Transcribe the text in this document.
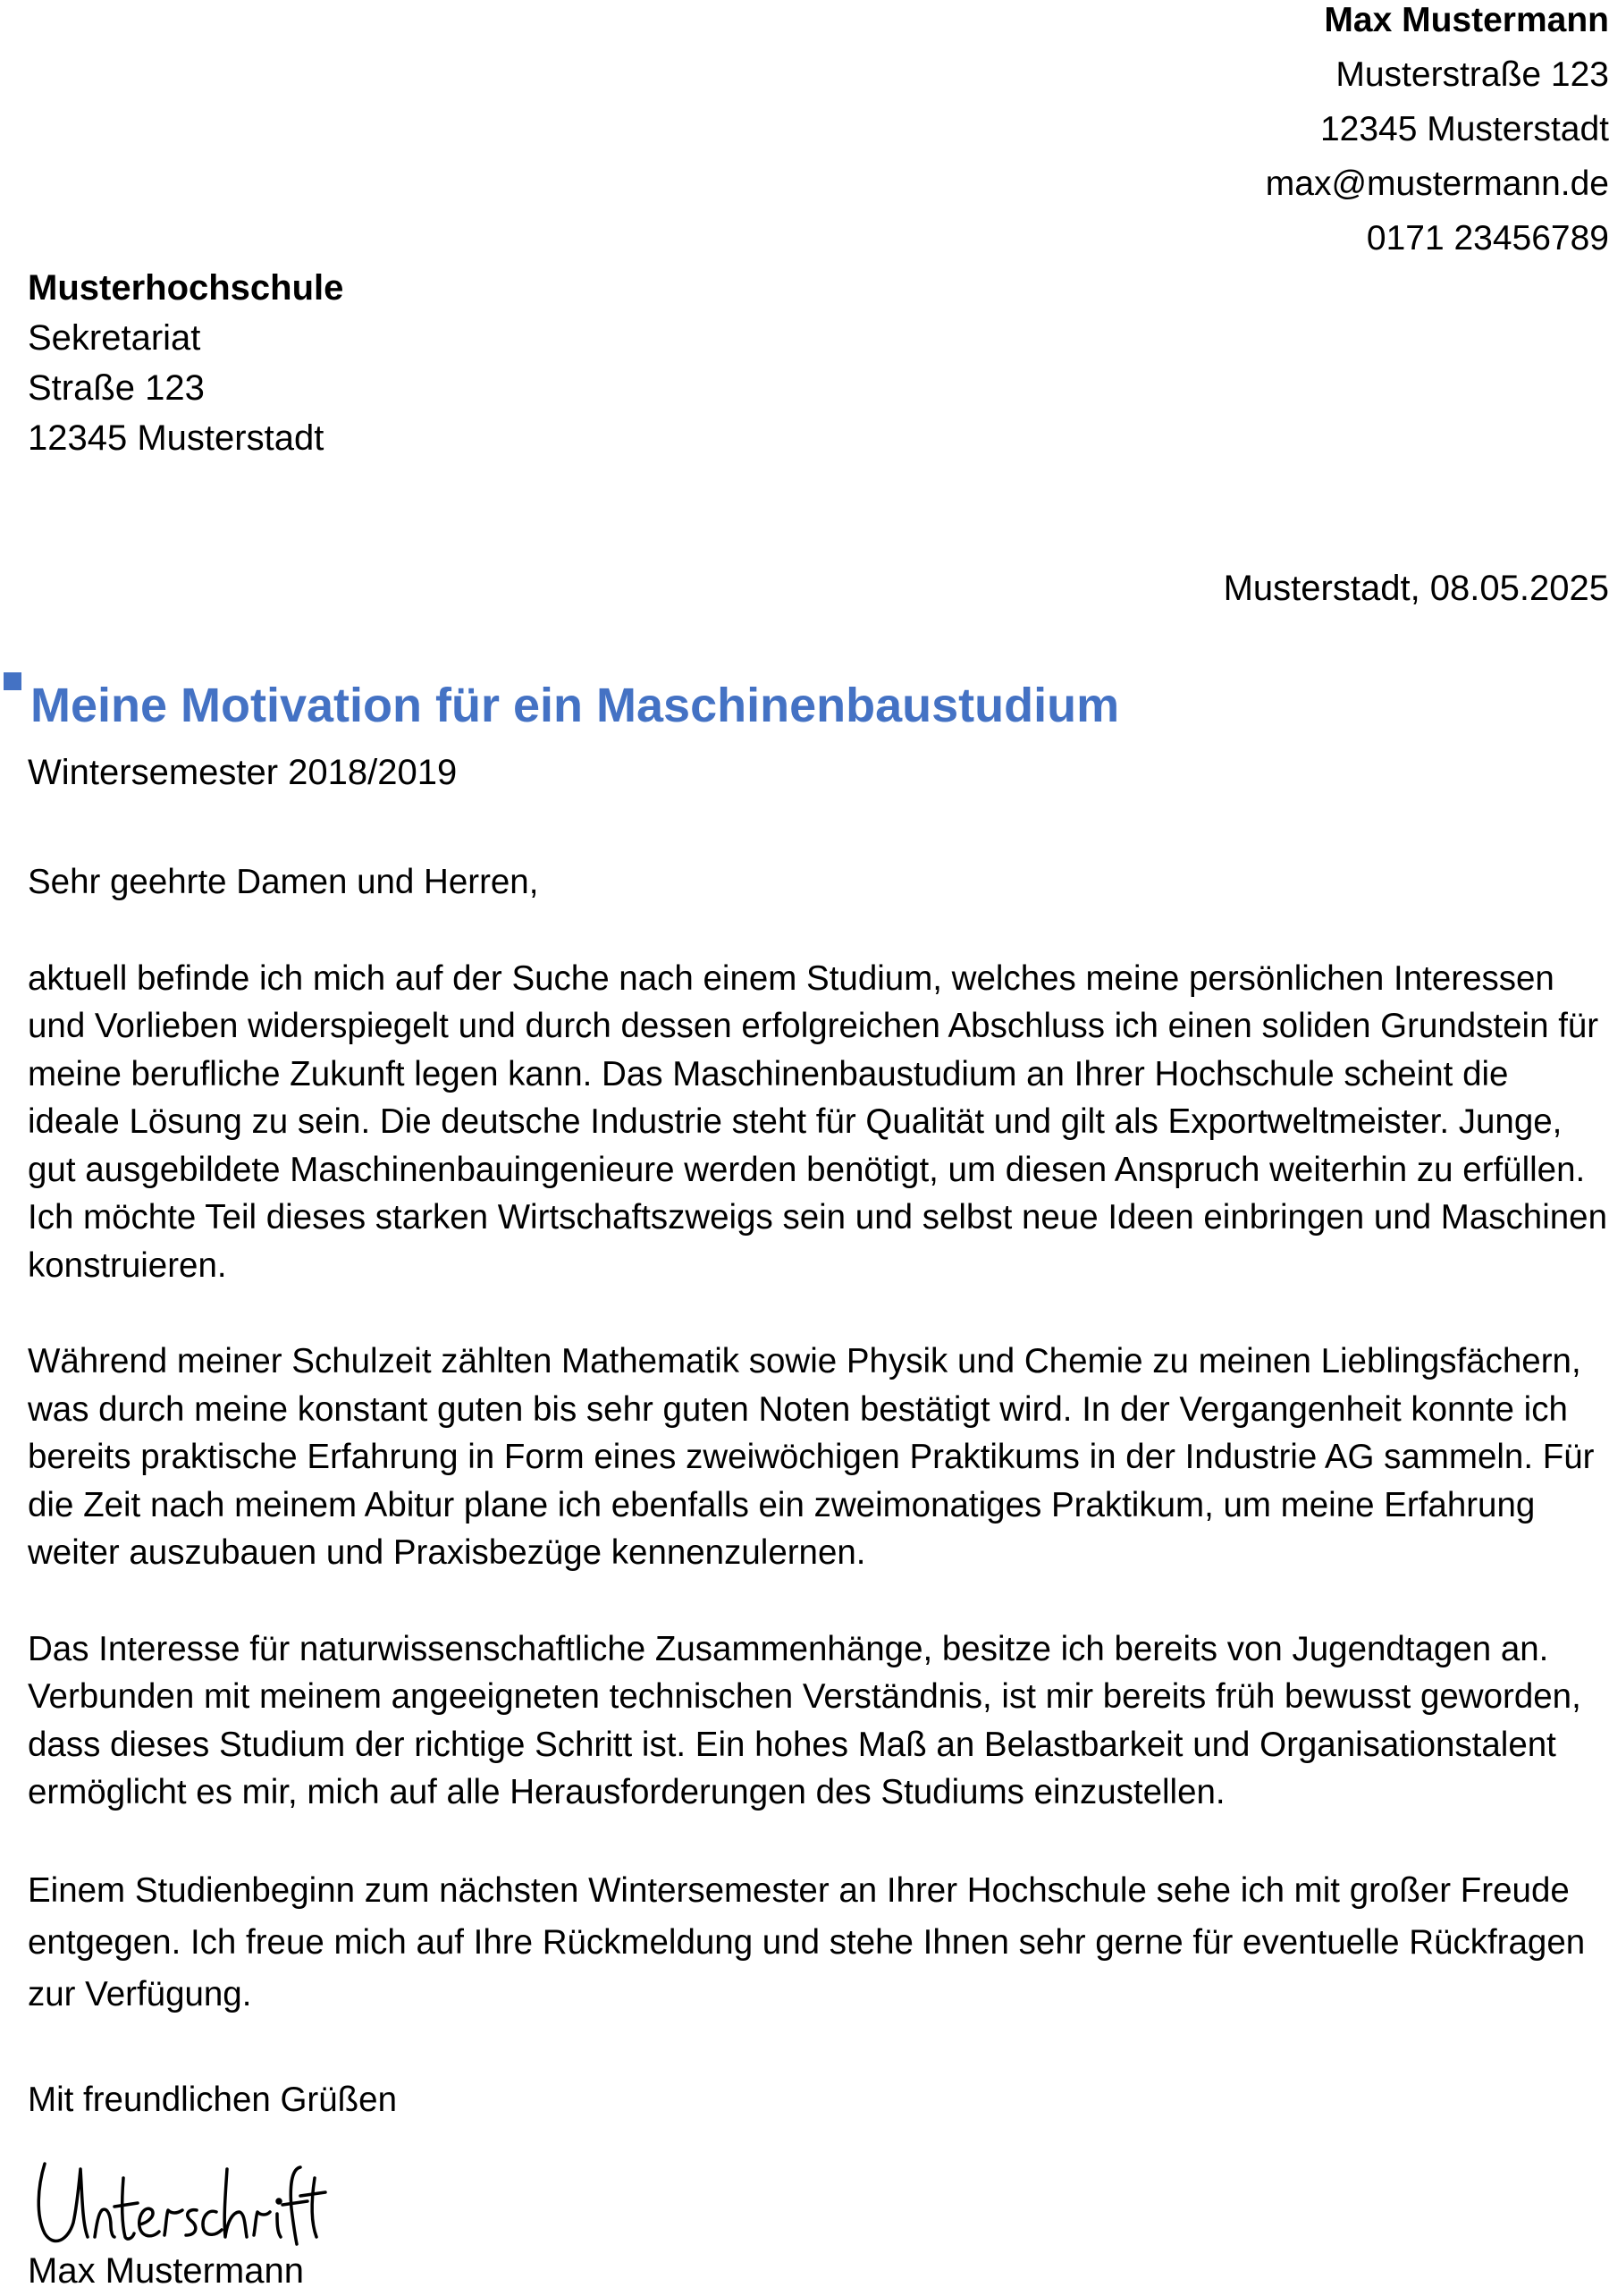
Max Mustermann
Musterstraße 123
12345 Musterstadt
max@mustermann.de
0171 23456789
Musterhochschule
Sekretariat
Straße 123
12345 Musterstadt
Musterstadt, 08.05.2025
Meine Motivation für ein Maschinenbaustudium
Wintersemester 2018/2019

Sehr geehrte Damen und Herren,

aktuell befinde ich mich auf der Suche nach einem Studium, welches meine persönlichen Interessen und Vorlieben widerspiegelt und durch dessen erfolgreichen Abschluss ich einen soliden Grundstein für meine berufliche Zukunft legen kann. Das Maschinenbaustudium an Ihrer Hochschule scheint die ideale Lösung zu sein. Die deutsche Industrie steht für Qualität und gilt als Exportweltmeister. Junge, gut ausgebildete Maschinenbauingenieure werden benötigt, um diesen Anspruch weiterhin zu erfüllen. Ich möchte Teil dieses starken Wirtschaftszweigs sein und selbst neue Ideen einbringen und Maschinen konstruieren.

Während meiner Schulzeit zählten Mathematik sowie Physik und Chemie zu meinen Lieblingsfächern, was durch meine konstant guten bis sehr guten Noten bestätigt wird. In der Vergangenheit konnte ich bereits praktische Erfahrung in Form eines zweiwöchigen Praktikums in der Industrie AG sammeln. Für die Zeit nach meinem Abitur plane ich ebenfalls ein zweimonatiges Praktikum, um meine Erfahrung weiter auszubauen und Praxisbezüge kennenzulernen.

Das Interesse für naturwissenschaftliche Zusammenhänge, besitze ich bereits von Jugendtagen an. Verbunden mit meinem angeeigneten technischen Verständnis, ist mir bereits früh bewusst geworden, dass dieses Studium der richtige Schritt ist. Ein hohes Maß an Belastbarkeit und Organisationstalent ermöglicht es mir, mich auf alle Herausforderungen des Studiums einzustellen.

Einem Studienbeginn zum nächsten Wintersemester an Ihrer Hochschule sehe ich mit großer Freude entgegen. Ich freue mich auf Ihre Rückmeldung und stehe Ihnen sehr gerne für eventuelle Rückfragen zur Verfügung.

Mit freundlichen Grüßen

Max Mustermann
